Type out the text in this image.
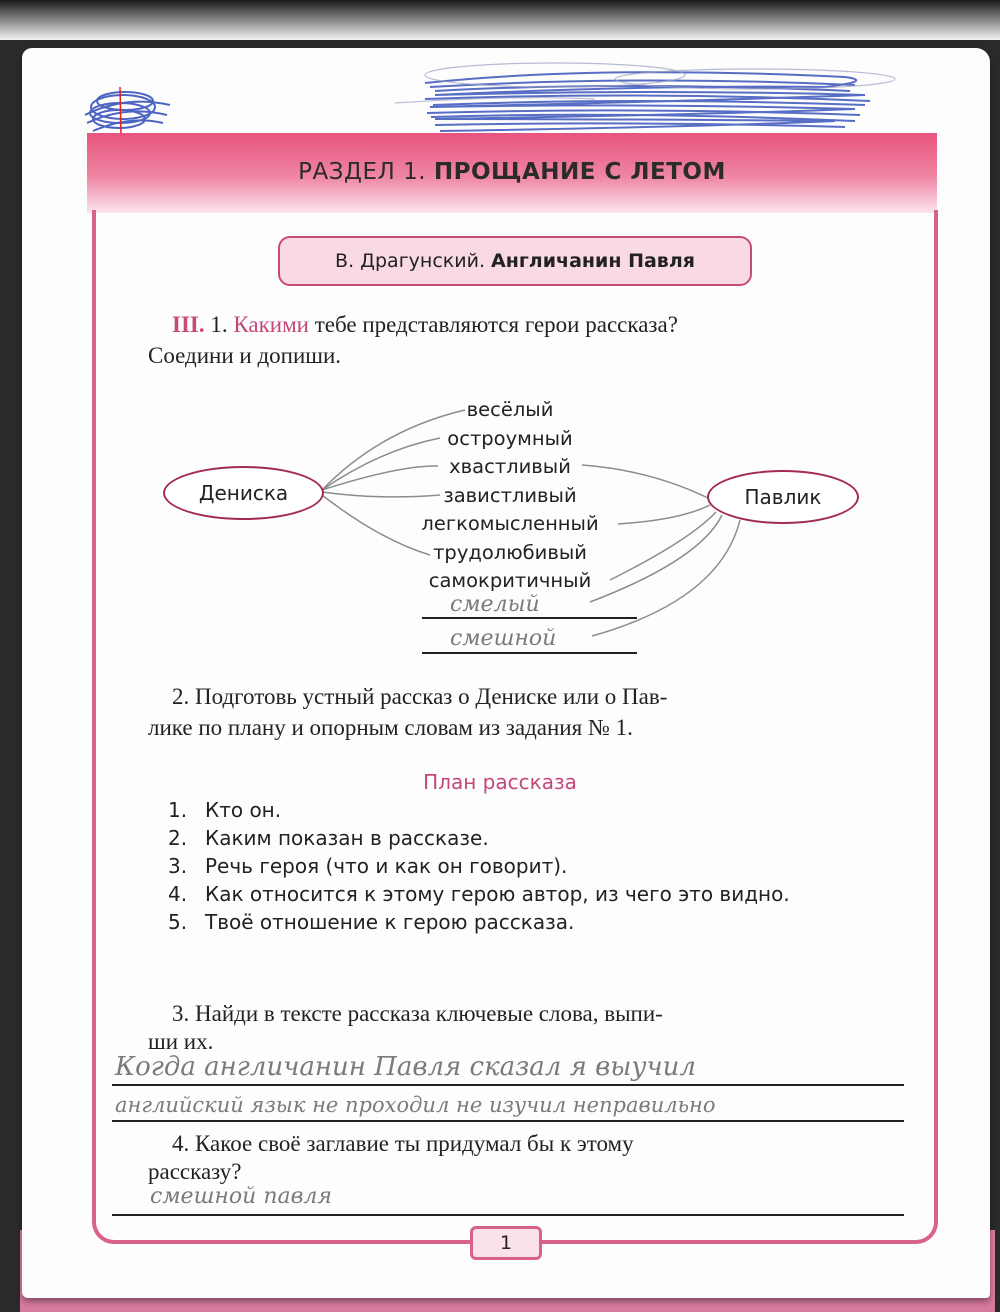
РАЗДЕЛ 1. ПРОЩАНИЕ С ЛЕТОМ
В. Драгунский. Англичанин Павля
III. 1. Какими тебе представляются герои рассказа?
Соедини и допиши.
Дениска	Павлик
весёлый
остроумный
хвастливый
завистливый
легкомысленный
трудолюбивый
самокритичный
смелый
смешной
2. Подготовь устный рассказ о Дениске или о Пав-
лике по плану и опорным словам из задания № 1.
План рассказа
1. Кто он.
2. Каким показан в рассказе.
3. Речь героя (что и как он говорит).
4. Как относится к этому герою автор, из чего это видно.
5. Твоё отношение к герою рассказа.
3. Найди в тексте рассказа ключевые слова, выпи-
ши их.
Когда англичанин Павля сказал я выучил
английский язык не проходил не изучил неправильно
4. Какое своё заглавие ты придумал бы к этому
рассказу?
смешной павля
1
